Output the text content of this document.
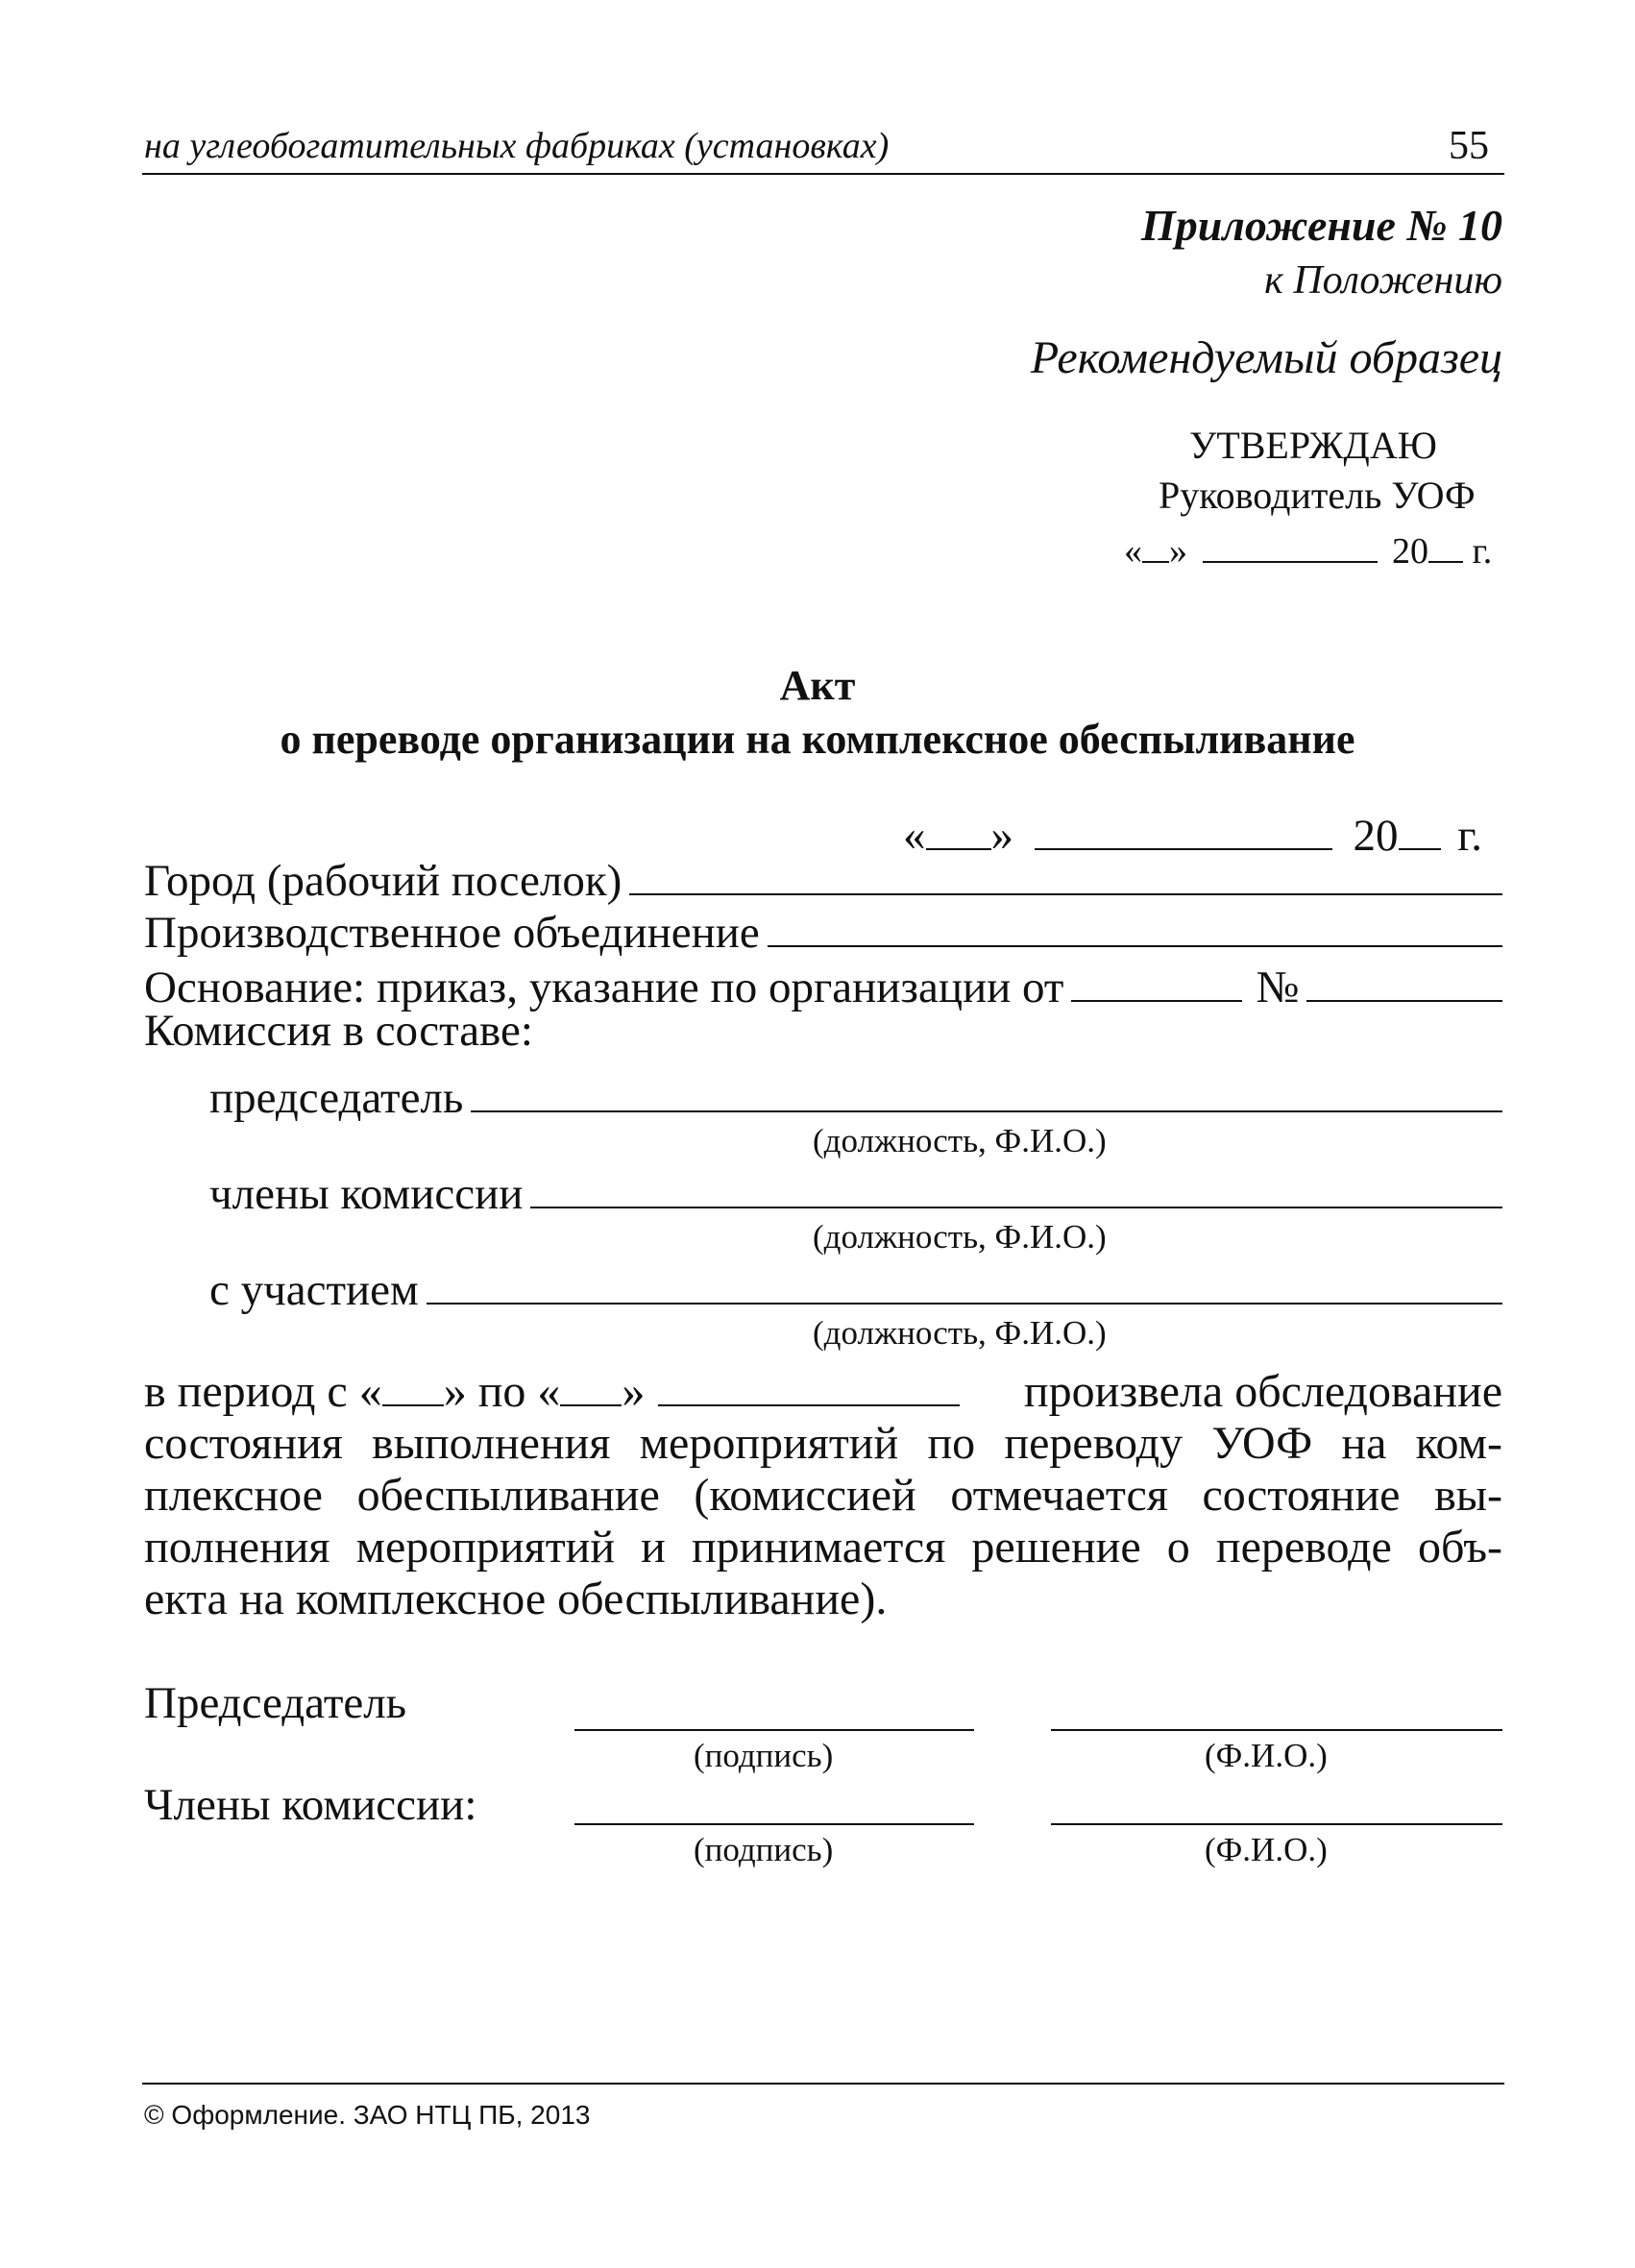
на углеобогатительных фабриках (установках)	55
Приложение № 10
к Положению
Рекомендуемый образец
УТВЕРЖДАЮ
Руководитель УОФ
« »	20 г.
Акт
о переводе организации на комплексное обеспыливание
« »	20 г.
Город (рабочий поселок)
Производственное объединение
Основание: приказ, указание по организации от	№
Комиссия в составе:
председатель
(должность, Ф.И.О.)
члены комиссии
(должность, Ф.И.О.)
с участием
(должность, Ф.И.О.)
в период с « » по « »	произвела обследование
состояния выполнения мероприятий по переводу УОФ на ком-
плексное обеспыливание (комиссией отмечается состояние вы-
полнения мероприятий и принимается решение о переводе объ-
екта на комплексное обеспыливание).
Председатель
(подпись)	(Ф.И.О.)
Члены комиссии:
(подпись)	(Ф.И.О.)
© Оформление. ЗАО НТЦ ПБ, 2013
